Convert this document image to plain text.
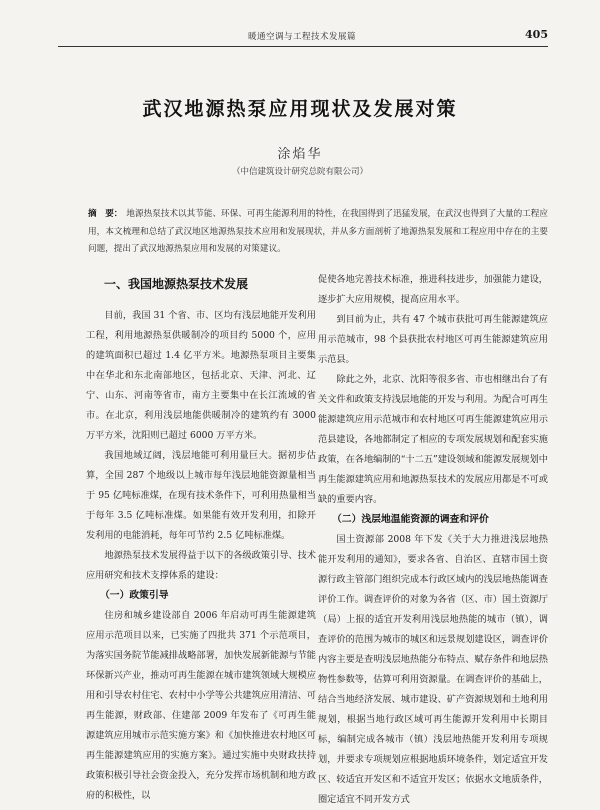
暖通空调与工程技术发展篇	405
武汉地源热泵应用现状及发展对策
涂焰华
（中信建筑设计研究总院有限公司）
摘　要： 地源热泵技术以其节能、环保、可再生能源利用的特性，在我国得到了迅猛发展，在武汉也得到了大量的工程应用，本文梳理和总结了武汉地区地源热泵技术应用和发展现状，并从多方面剖析了地源热泵发展和工程应用中存在的主要问题，提出了武汉地源热泵应用和发展的对策建议。
一、我国地源热泵技术发展

目前，我国 31 个省、市、区均有浅层地能开发利用工程，利用地源热泵供暖制冷的项目约 5000 个，应用的建筑面积已超过 1.4 亿平方米。地源热泵项目主要集中在华北和东北南部地区，包括北京、天津、河北、辽宁、山东、河南等省市，南方主要集中在长江流域的省市。在北京，利用浅层地能供暖制冷的建筑约有 3000 万平方米，沈阳则已超过 6000 万平方米。

我国地域辽阔，浅层地能可利用量巨大。据初步估算，全国 287 个地级以上城市每年浅层地能资源量相当于 95 亿吨标准煤，在现有技术条件下，可利用热量相当于每年 3.5 亿吨标准煤。如果能有效开发利用，扣除开发利用的电能消耗，每年可节约 2.5 亿吨标准煤。

地源热泵技术发展得益于以下的各级政策引导、技术应用研究和技术支撑体系的建设：

（一）政策引导

住房和城乡建设部自 2006 年启动可再生能源建筑应用示范项目以来，已实施了四批共 371 个示范项目，为落实国务院节能减排战略部署，加快发展新能源与节能环保新兴产业，推动可再生能源在城市建筑领域大规模应用和引导农村住宅、农村中小学等公共建筑应用清洁、可再生能源，财政部、住建部 2009 年发布了《可再生能源建筑应用城市示范实施方案》和《加快推进农村地区可再生能源建筑应用的实施方案》。通过实施中央财政扶持政策积极引导社会资金投入，充分发挥市场机制和地方政府的积极性，以

促使各地完善技术标准，推进科技进步，加强能力建设，逐步扩大应用规模，提高应用水平。

到目前为止，共有 47 个城市获批可再生能源建筑应用示范城市，98 个县获批农村地区可再生能源建筑应用示范县。

除此之外，北京、沈阳等很多省、市也相继出台了有关文件和政策支持浅层地能的开发与利用。为配合可再生能源建筑应用示范城市和农村地区可再生能源建筑应用示范县建设，各地都制定了相应的专项发展规划和配套实施政策，在各地编制的“十二五”建设领域和能源发展规划中再生能源建筑应用和地源热泵技术的发展应用都是不可或缺的重要内容。

（二）浅层地温能资源的调查和评价

国土资源部 2008 年下发《关于大力推进浅层地热能开发利用的通知》，要求各省、自治区、直辖市国土资源行政主管部门组织完成本行政区域内的浅层地热能调查评价工作。调查评价的对象为各省（区、市）国土资源厅（局）上报的适宜开发利用浅层地热能的城市（镇），调查评价的范围为城市的城区和远景规划建设区，调查评价内容主要是查明浅层地热能分布特点、赋存条件和地层热物性参数等，估算可利用资源量。在调查评价的基础上，结合当地经济发展、城市建设、矿产资源规划和土地利用规划，根据当地行政区域可再生能源开发利用中长期目标，编制完成各城市（镇）浅层地热能开发利用专项规划，并要求专项规划应根据地质环境条件，划定适宜开发区、较适宜开发区和不适宜开发区；依据水文地质条件，圈定适宜不同开发方式
